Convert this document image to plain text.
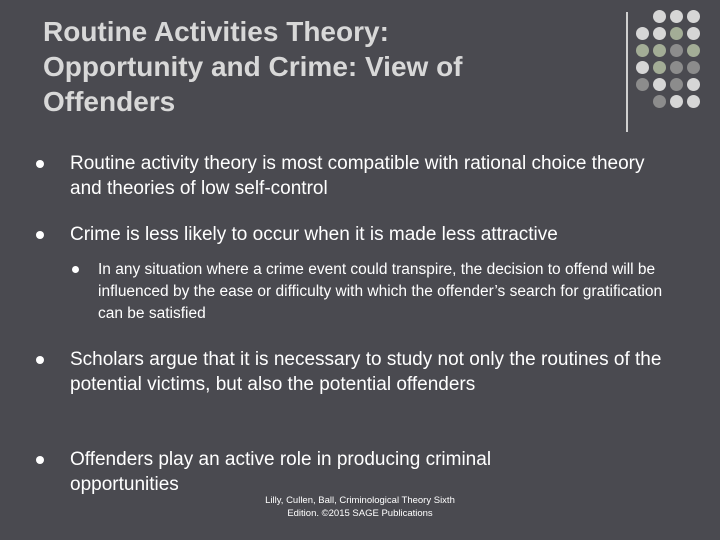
Routine Activities Theory:
Opportunity and Crime: View of
Offenders
Routine activity theory is most compatible with rational choice theory and theories of low self-control
Crime is less likely to occur when it is made less attractive
In any situation where a crime event could transpire, the decision to offend will be influenced by the ease or difficulty with which the offender’s search for gratification can be satisfied
Scholars argue that it is necessary to study not only the routines of the potential victims, but also the potential offenders
Offenders play an active role in producing criminal opportunities
Lilly, Cullen, Ball, Criminological Theory Sixth
Edition. ©2015 SAGE Publications
